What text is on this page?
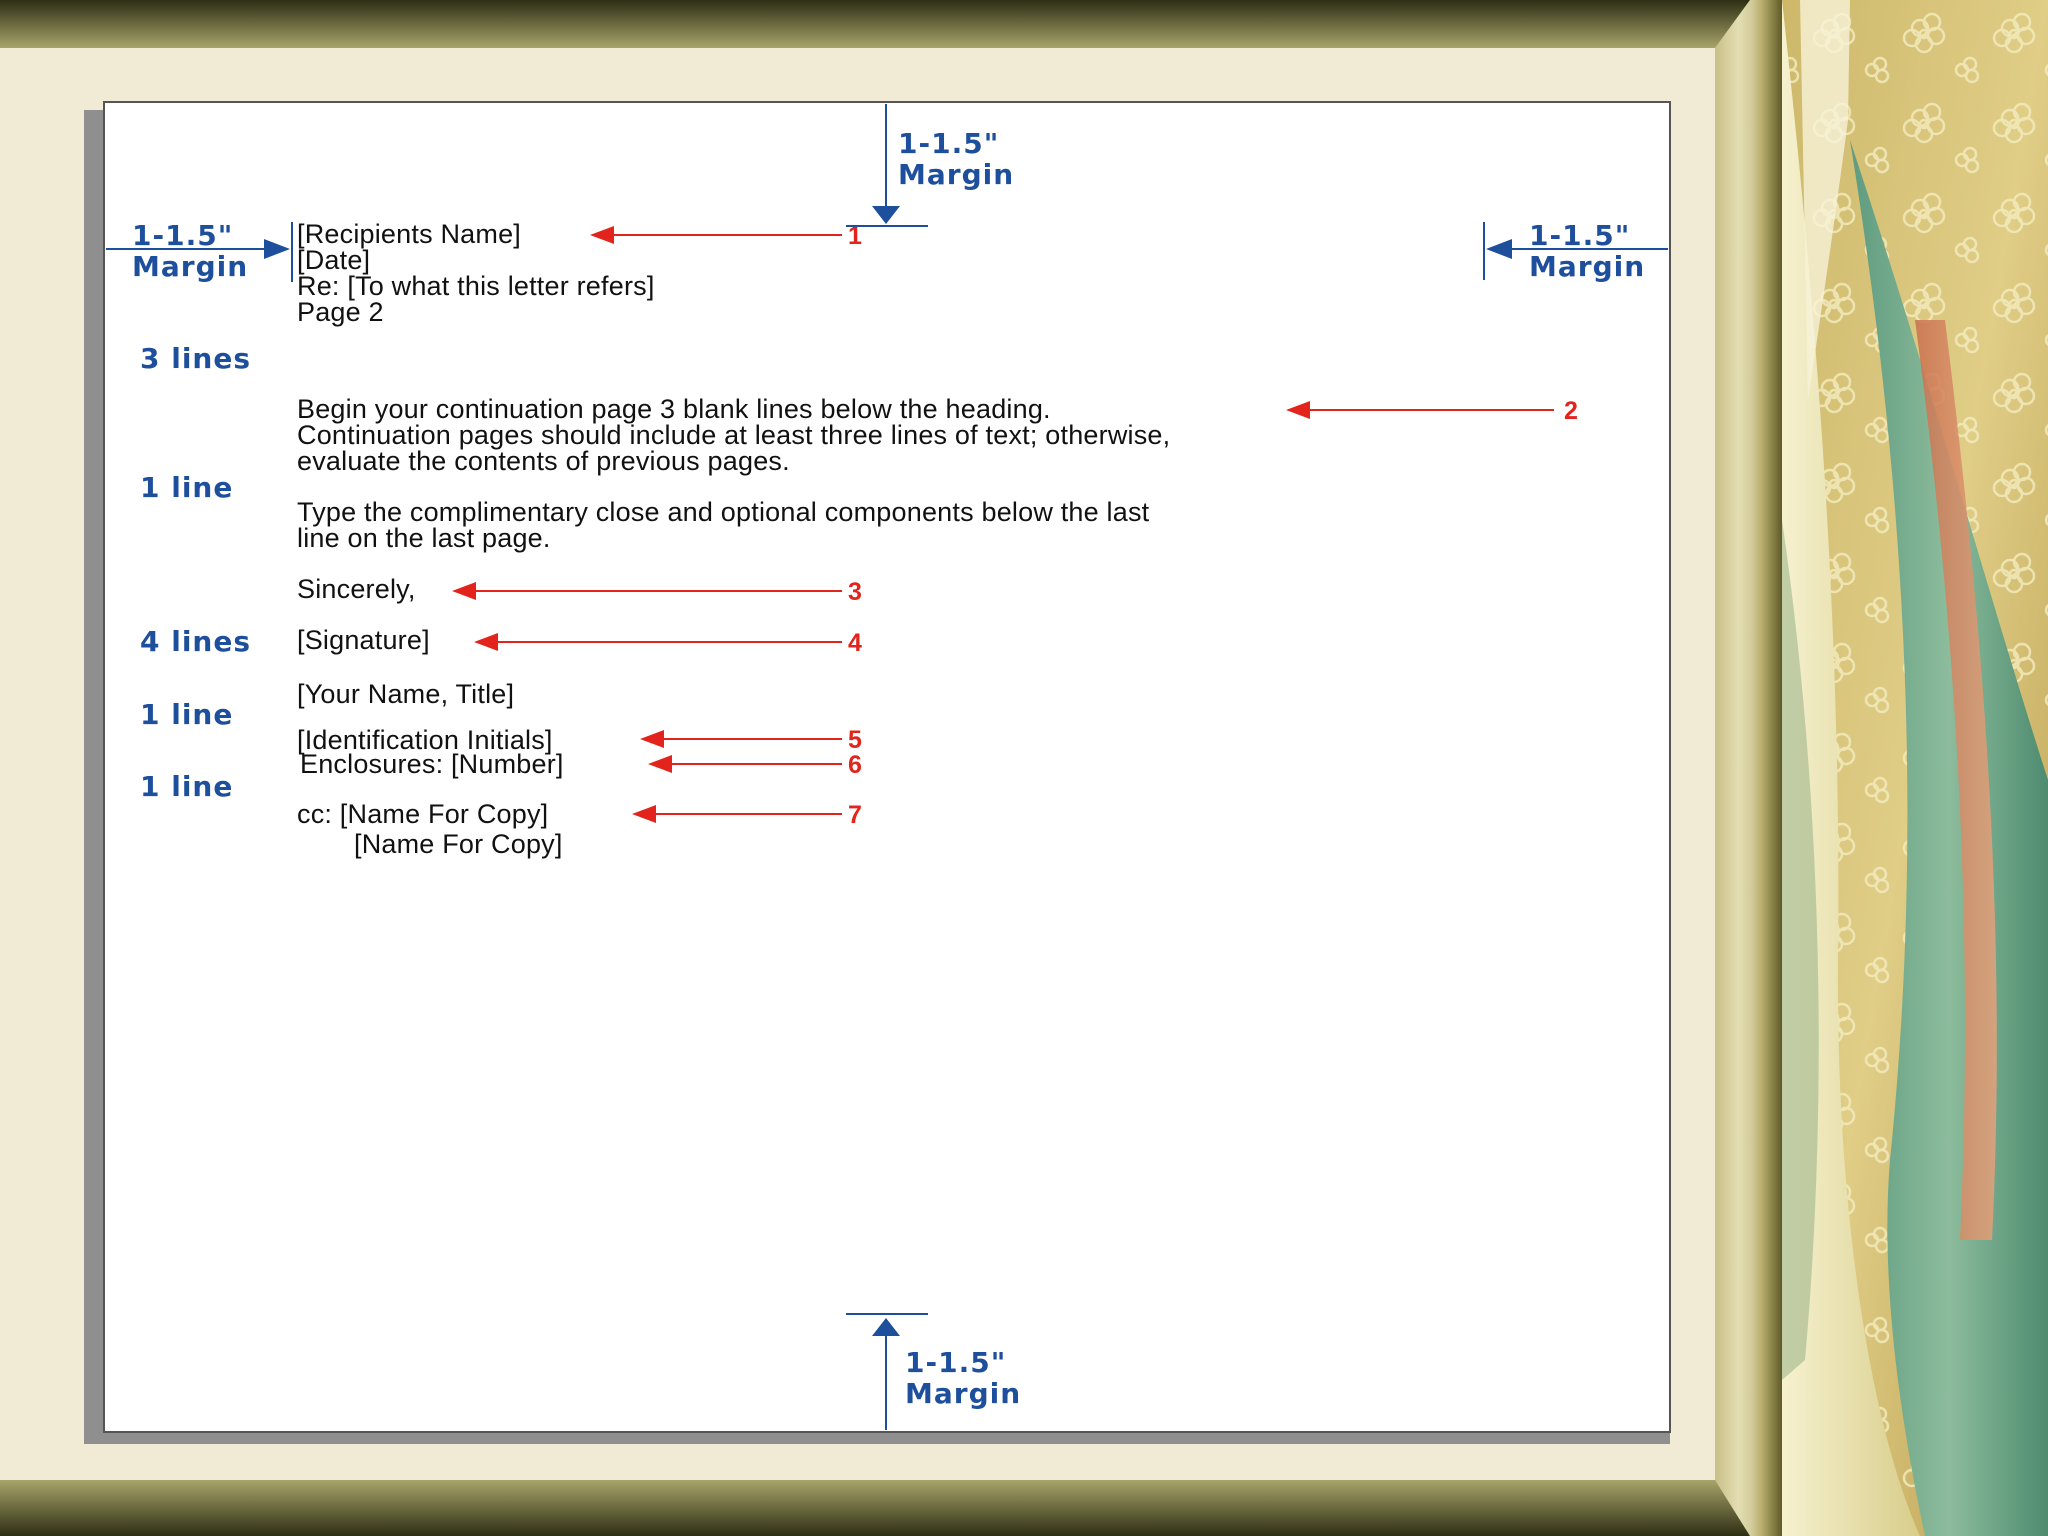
1-1.5"
Margin
1-1.5"
Margin
1-1.5"
Margin
1-1.5"
Margin
3 lines
1 line
4 lines
1 line
1 line
[Recipients Name]
[Date]
Re: [To what this letter refers]
Page 2
Begin your continuation page 3 blank lines below the heading.
Continuation pages should include at least three lines of text; otherwise,
evaluate the contents of previous pages.
Type the complimentary close and optional components below the last
line on the last page.
Sincerely,
[Signature]
[Your Name, Title]
[Identification Initials]
Enclosures: [Number]
cc: [Name For Copy]
[Name For Copy]
1
2
3
4
5
6
7
